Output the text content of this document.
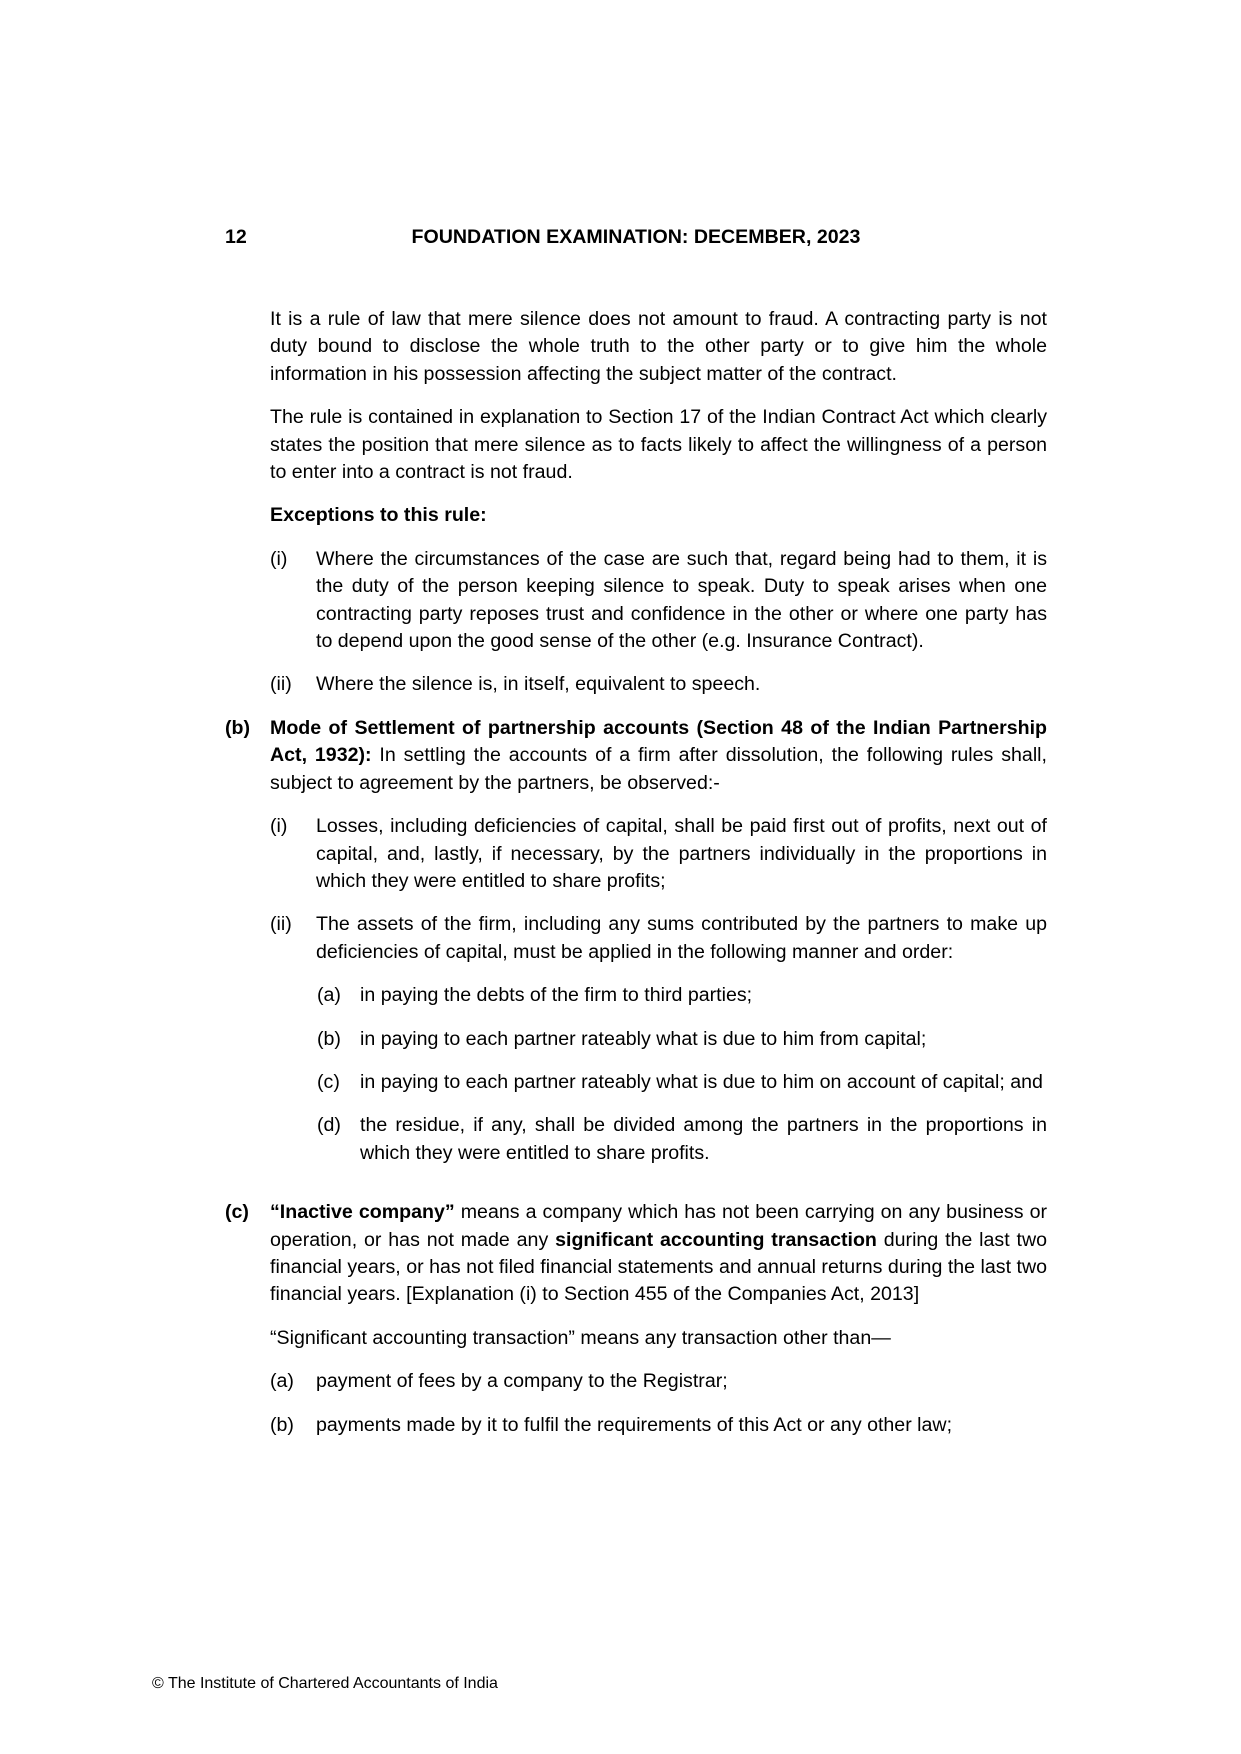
12	FOUNDATION EXAMINATION: DECEMBER, 2023

It is a rule of law that mere silence does not amount to fraud. A contracting party is not duty bound to disclose the whole truth to the other party or to give him the whole information in his possession affecting the subject matter of the contract.

The rule is contained in explanation to Section 17 of the Indian Contract Act which clearly states the position that mere silence as to facts likely to affect the willingness of a person to enter into a contract is not fraud.

Exceptions to this rule:

(i)	Where the circumstances of the case are such that, regard being had to them, it is the duty of the person keeping silence to speak. Duty to speak arises when one contracting party reposes trust and confidence in the other or where one party has to depend upon the good sense of the other (e.g. Insurance Contract).
(ii)	Where the silence is, in itself, equivalent to speech.
(b)	Mode of Settlement of partnership accounts (Section 48 of the Indian Partnership Act, 1932): In settling the accounts of a firm after dissolution, the following rules shall, subject to agreement by the partners, be observed:-

(i)	Losses, including deficiencies of capital, shall be paid first out of profits, next out of capital, and, lastly, if necessary, by the partners individually in the proportions in which they were entitled to share profits;
(ii)	The assets of the firm, including any sums contributed by the partners to make up deficiencies of capital, must be applied in the following manner and order:
(a) in paying the debts of the firm to third parties;
(b) in paying to each partner rateably what is due to him from capital;
(c)	in paying to each partner rateably what is due to him on account of capital; and
(d) the residue, if any, shall be divided among the partners in the proportions in which they were entitled to share profits.
(c)	“Inactive company” means a company which has not been carrying on any business or operation, or has not made any significant accounting transaction during the last two financial years, or has not filed financial statements and annual returns during the last two financial years. [Explanation (i) to Section 455 of the Companies Act, 2013]

“Significant accounting transaction” means any transaction other than—

(a)	payment of fees by a company to the Registrar;
(b)	payments made by it to fulfil the requirements of this Act or any other law;
© The Institute of Chartered Accountants of India
